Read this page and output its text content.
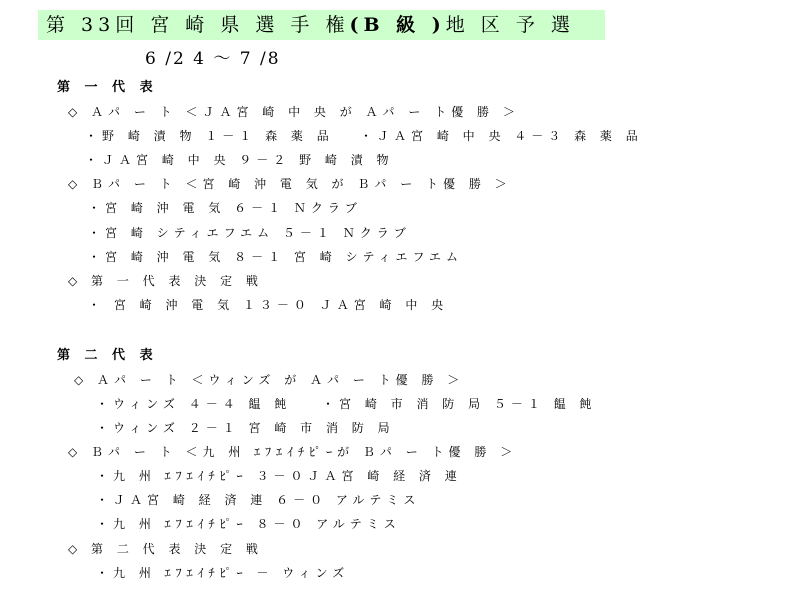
第 33回 宮 崎 県 選 手 権(B 級 )地 区 予 選
6 /2 4 〜 7 /8
第 一 代 表
◇ Ａパ ー ト ＜ＪＡ宮 崎 中 央 が Ａパ ー ト優 勝 ＞
・野 崎 漬 物 １－１ 森 薬 品 ・ＪＡ宮 崎 中 央 ４－３ 森 薬 品
・ＪＡ宮 崎 中 央 ９－２ 野 崎 漬 物
◇ Ｂパ ー ト ＜宮 崎 沖 電 気 が Ｂパ ー ト優 勝 ＞
・宮 崎 沖 電 気 ６－１ Ｎクラブ
・宮 崎 シティエフエム ５－１ Ｎクラブ
・宮 崎 沖 電 気 ８－１ 宮 崎 シティエフエム
◇ 第 一 代 表 決 定 戦
・ 宮 崎 沖 電 気 １３－０ ＪＡ宮 崎 中 央
第 二 代 表
◇ Ａパ ー ト ＜ウィンズ が Ａパ ー ト優 勝 ＞
・ウィンズ ４－４ 饂 飩	・宮 崎 市 消 防 局 ５－１ 饂 飩
・ウィンズ ２－１ 宮 崎 市 消 防 局
◇ Ｂパ ー ト ＜九 州 ｴﾌｴｲﾁﾋﾟｰが Ｂパ ー ト優 勝 ＞
・九 州 ｴﾌｴｲﾁﾋﾟｰ ３－０ＪＡ宮 崎 経 済 連
・ＪＡ宮 崎 経 済 連 ６－０ アルテミス
・九 州 ｴﾌｴｲﾁﾋﾟｰ ８－０ アルテミス
◇ 第 二 代 表 決 定 戦
・九 州 ｴﾌｴｲﾁﾋﾟｰ － ウィンズ
